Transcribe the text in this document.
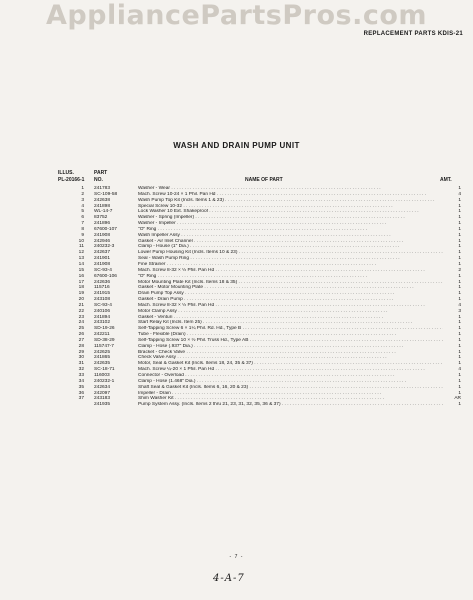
AppliancePartsPros.com
REPLACEMENT PARTS KDIS-21
WASH AND DRAIN PUMP UNIT
ILLUS.
PL-20166-1
PART
NO.	NAME OF PART	AMT.
1 241783	Washer - Wear . . .	1
2 SC-109-58	Mach. Screw 10-24 × 1 Phil. Pan Hd . . .	4
3 242638	Wash Pump Top Kit (Incls. Items 1 & 23) . . .	1
4 241898	Special Screw 10-32 . . .	1
5 WL-14-7	Lock Washer 10 Ext. Shakeproof . . .	1
6 83752	Washer - Spring (Impeller) . . .	1
7 241896	Washer - Impeller . . .	1
8 67600-107	"O" Ring . . .	1
9 241908	Wash Impeller Assy . . .	1
10 242946	Gasket - Air Inlet Channel . . .	1
11 240232-3	Clamp - House (1" Dia.) . . .	1
12 242637	Lower Pump Housing Kit (Incls. Items 10 & 23) . . .	1
13 241901	Seal - Wash Pump Ring . . .	1
14 241908	Fine Strainer . . .	1
15 SC-93-4	Mach. Screw 8-32 × ½ Phil. Pan Hd . . .	2
16 67600-106	"O" Ring . . .	1
17 242636	Motor Mounting Plate Kit (Incls. Items 18 & 35) . . .	1
18 115716	Gasket - Motor Mounting Plate . . .	1
19 241915	Drain Pump Top Assy . . .	1
20 243108	Gasket - Drain Pump . . .	1
21 SC-93-4	Mach. Screw 8-32 × ½ Phil. Pan Hd . . .	4
22 240106	Motor Clamp Assy . . .	3
23 241894	Gasket - Venturi . . .	1
24 243102	Start Relay Kit (Incls. Item 25) . . .	1
25 SD-19-26	Self-Tapping Screw 6 × 1¼ Phil. Rd. Hd., Type B . . .	1
26 242211	Tube - Flexible (Drain) . . .	1
27 SD-38-29	Self-Tapping Screw 10 × ½ Phil. Truss Hd., Type AB . . .	1
28 115747-7	Clamp - Hose (.937" Dia.) . . .	1
29 242625	Bracket - Check Valve . . .	1
30 241865	Check Valve Assy . . .	1
31 242635	Motor, Seal & Gasket Kit (Incls. Items 18, 24, 35 & 37) . . .	1
32 SC-18-71	Mach. Screw ¼-20 × 1 Phil. Pan Hd . . .	4
33 116003	Connector - Overload . . .	1
34 240232-1	Clamp - Hose (1.468" Dia.) . . .	1
35 242634	Shaft Seal & Gasket Kit (Incls. Items 6, 16, 20 & 23) . . .	1
36 242097	Impeller - Drain . . .	1
37 243183	Shim Washer Kit . . .	AR
241935	Pump System Assy. (Incls. Items 2 thru 21, 23, 31, 32, 35, 36 & 37) . . .	1
- 7 -
4-A-7
